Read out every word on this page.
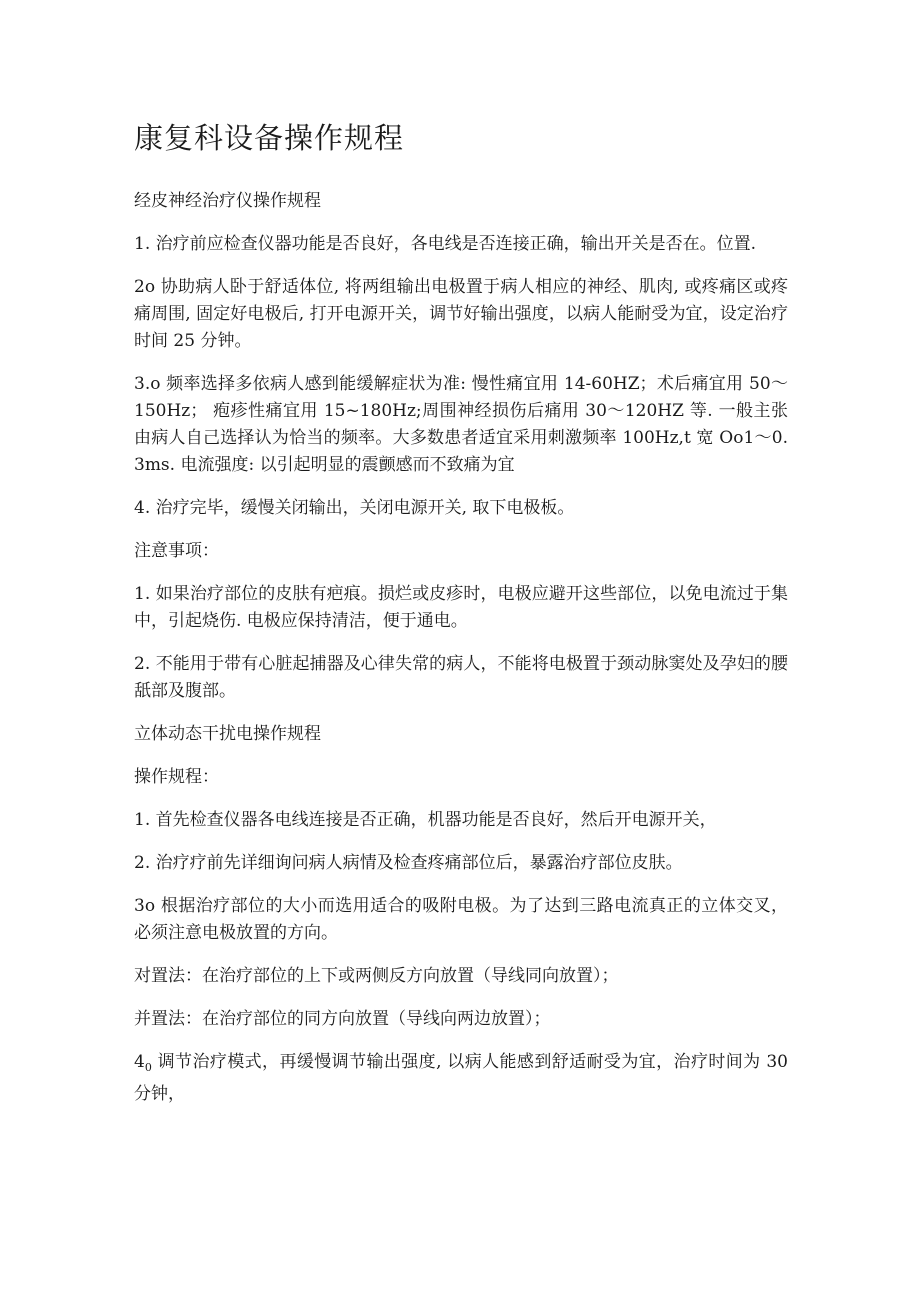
康复科设备操作规程

经皮神经治疗仪操作规程

1. 治疗前应检查仪器功能是否良好，各电线是否连接正确，输出开关是否在。位置.

2o 协助病人卧于舒适体位, 将两组输出电极置于病人相应的神经、肌肉, 或疼痛区或疼痛周围, 固定好电极后, 打开电源开关，调节好输出强度，以病人能耐受为宜，设定治疗时间 25 分钟。

3.o 频率选择多依病人感到能缓解症状为准: 慢性痛宜用 14-60HZ；术后痛宜用 50～150Hz； 疱疹性痛宜用 15~180Hz;周围神经损伤后痛用 30～120HZ 等. 一般主张由病人自己选择认为恰当的频率。大多数患者适宜采用刺激频率 100Hz,t 宽 Oo1～0.3ms. 电流强度: 以引起明显的震颤感而不致痛为宜

4. 治疗完毕，缓慢关闭输出，关闭电源开关, 取下电极板。

注意事项：

1. 如果治疗部位的皮肤有疤痕。损烂或皮疹时，电极应避开这些部位，以免电流过于集中，引起烧伤. 电极应保持清洁，便于通电。

2. 不能用于带有心脏起捕器及心律失常的病人，不能将电极置于颈动脉窦处及孕妇的腰舐部及腹部。

立体动态干扰电操作规程

操作规程：

1. 首先检查仪器各电线连接是否正确，机器功能是否良好，然后开电源开关，

2. 治疗疗前先详细询问病人病情及检查疼痛部位后，暴露治疗部位皮肤。

3o 根据治疗部位的大小而选用适合的吸附电极。为了达到三路电流真正的立体交叉，必须注意电极放置的方向。

对置法：在治疗部位的上下或两侧反方向放置（导线同向放置）；

并置法：在治疗部位的同方向放置（导线向两边放置）；

$4_0$ 调节治疗模式，再缓慢调节输出强度, 以病人能感到舒适耐受为宜，治疗时间为 30 分钟，
